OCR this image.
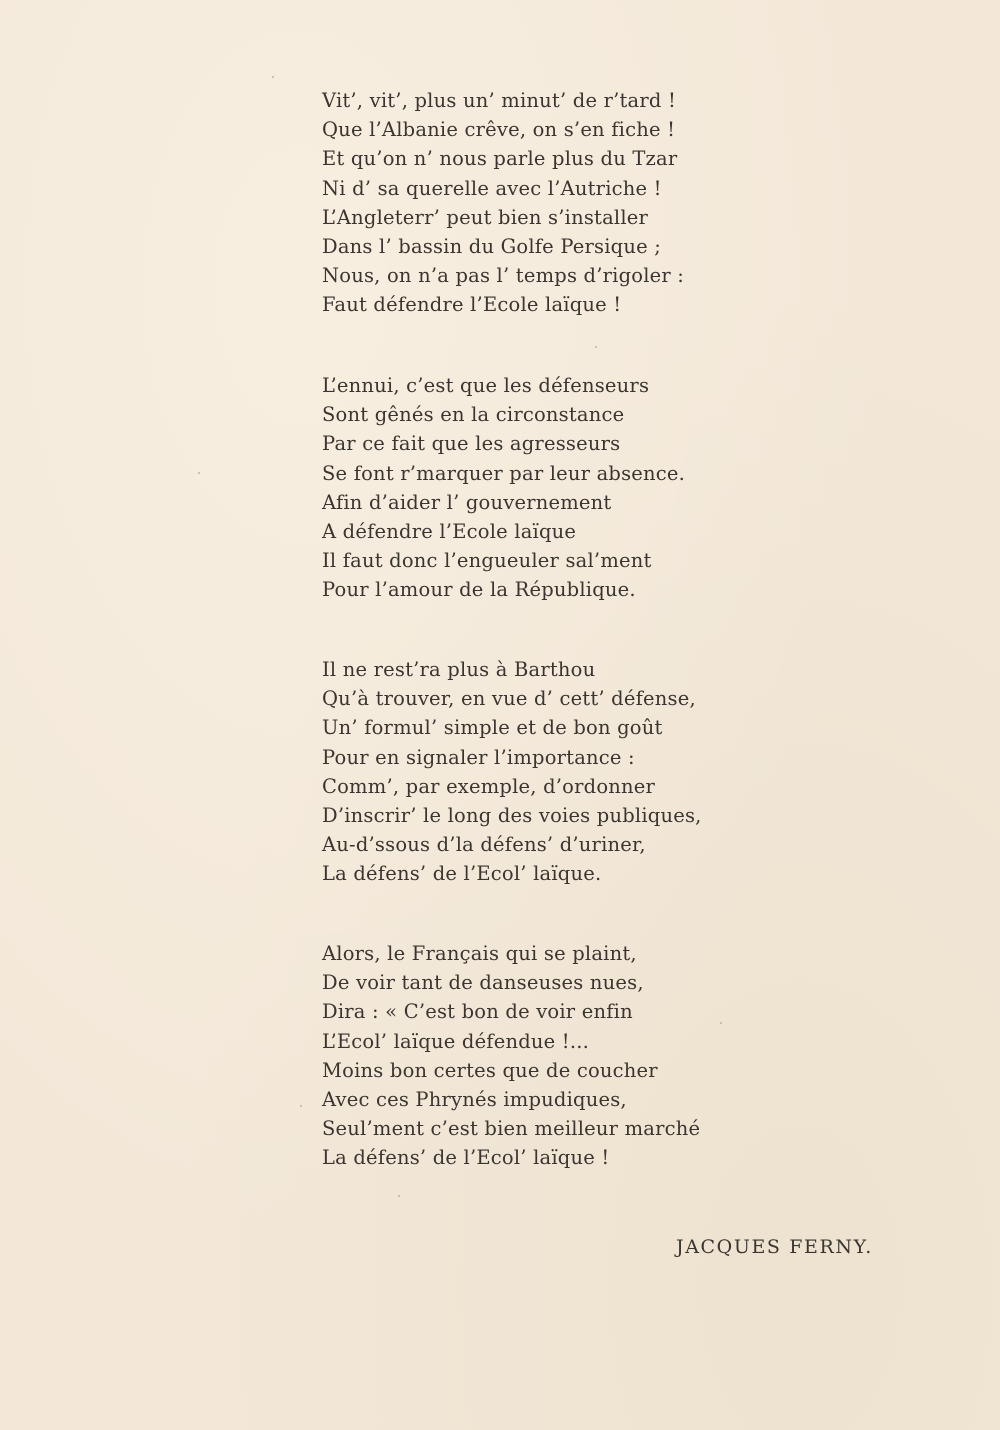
Vit’, vit’, plus un’ minut’ de r’tard !
Que l’Albanie crêve, on s’en fiche !
Et qu’on n’ nous parle plus du Tzar
Ni d’ sa querelle avec l’Autriche !
L’Angleterr’ peut bien s’installer
Dans l’ bassin du Golfe Persique ;
Nous, on n’a pas l’ temps d’rigoler :
Faut défendre l’Ecole laïque !
L’ennui, c’est que les défenseurs
Sont gênés en la circonstance
Par ce fait que les agresseurs
Se font r’marquer par leur absence.
Afin d’aider l’ gouvernement
A défendre l’Ecole laïque
Il faut donc l’engueuler sal’ment
Pour l’amour de la République.
Il ne rest’ra plus à Barthou
Qu’à trouver, en vue d’ cett’ défense,
Un’ formul’ simple et de bon goût
Pour en signaler l’importance :
Comm’, par exemple, d’ordonner
D’inscrir’ le long des voies publiques,
Au-d’ssous d’la défens’ d’uriner,
La défens’ de l’Ecol’ laïque.
Alors, le Français qui se plaint,
De voir tant de danseuses nues,
Dira : « C’est bon de voir enfin
L’Ecol’ laïque défendue !...
Moins bon certes que de coucher
Avec ces Phrynés impudiques,
Seul’ment c’est bien meilleur marché
La défens’ de l’Ecol’ laïque !
JACQUES FERNY.
